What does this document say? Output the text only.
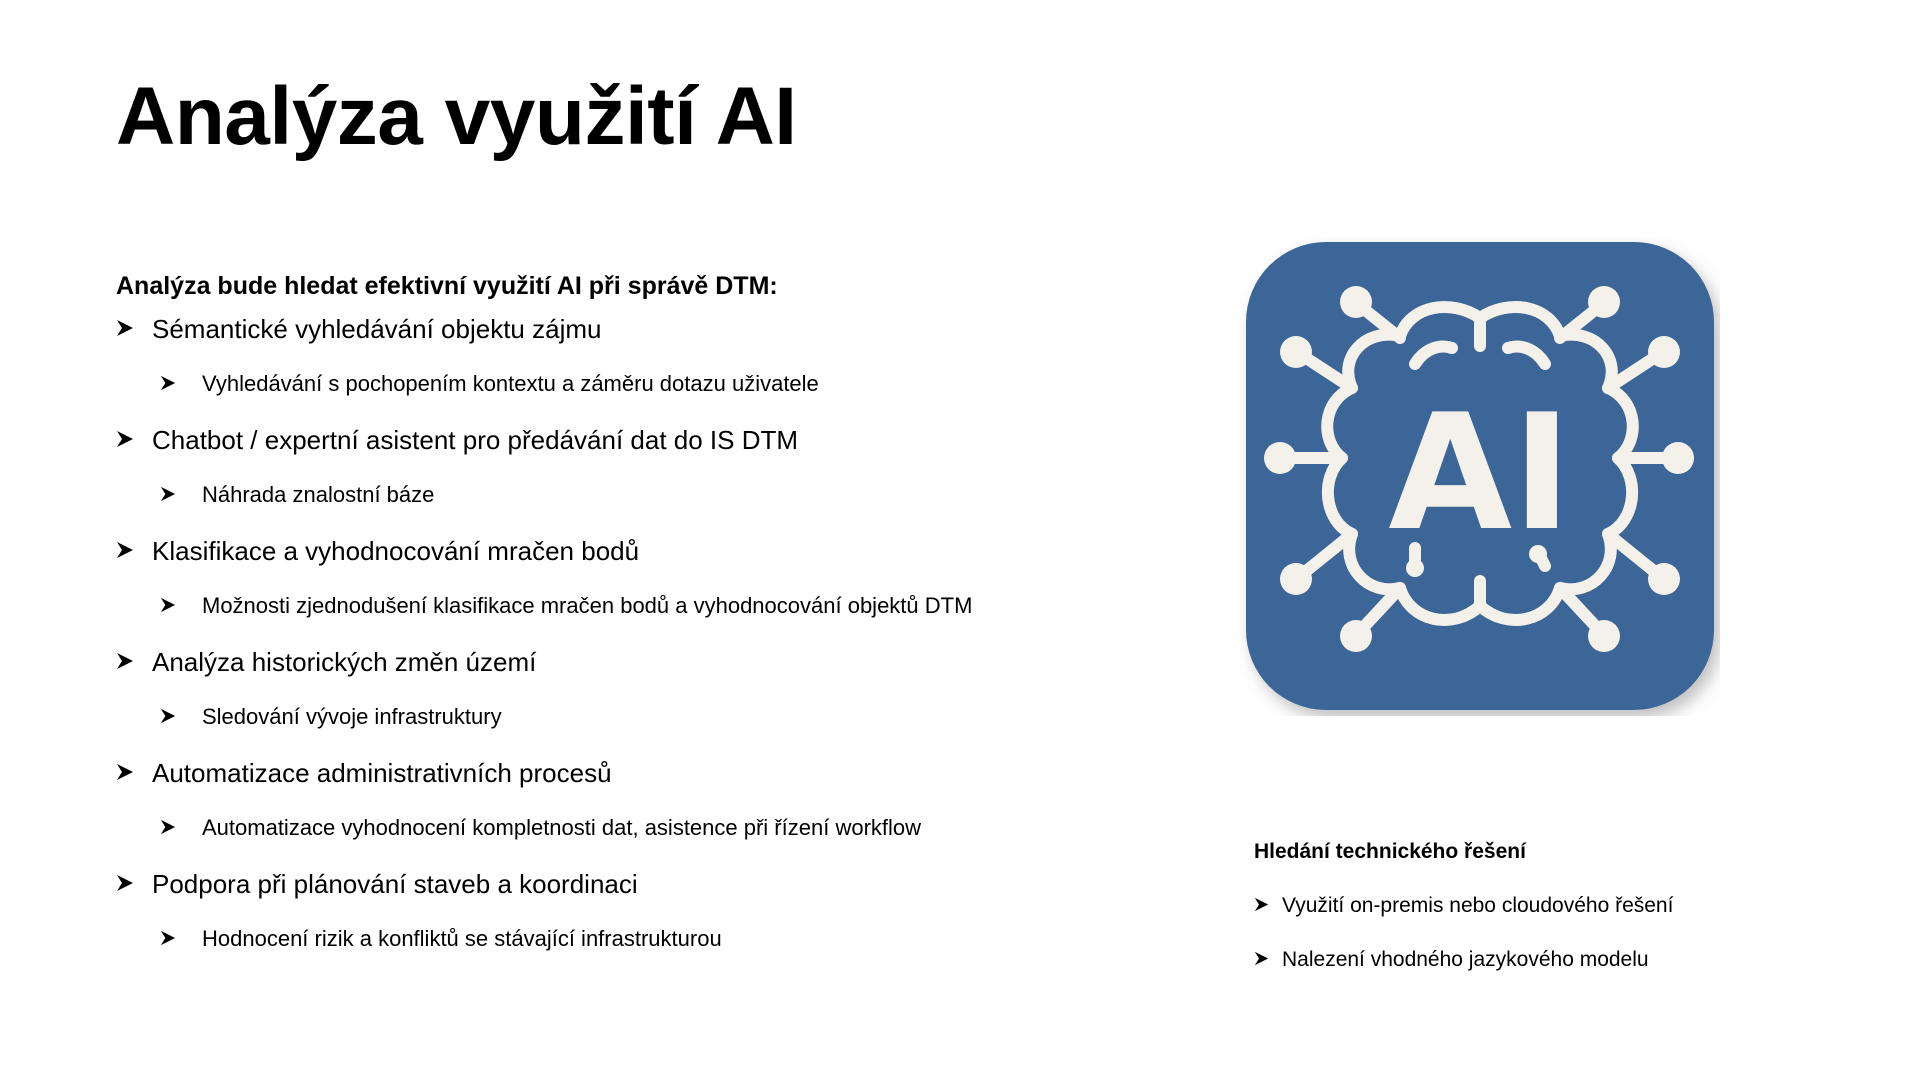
Analýza využití AI

Analýza bude hledat efektivní využití AI při správě DTM:

Sémantické vyhledávání objektu zájmu
Vyhledávání s pochopením kontextu a záměru dotazu uživatele
Chatbot / expertní asistent pro předávání dat do IS DTM
Náhrada znalostní báze
Klasifikace a vyhodnocování mračen bodů
Možnosti zjednodušení klasifikace mračen bodů a vyhodnocování objektů DTM
Analýza historických změn území
Sledování vývoje infrastruktury
Automatizace administrativních procesů
Automatizace vyhodnocení kompletnosti dat, asistence při řízení workflow
Podpora při plánování staveb a koordinaci
Hodnocení rizik a konfliktů se stávající infrastrukturou
AI

Hledání technického řešení

Využití on-premis nebo cloudového řešení
Nalezení vhodného jazykového modelu
